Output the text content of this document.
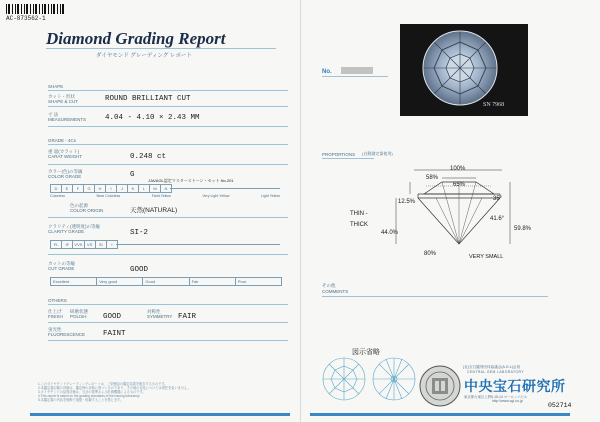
AC-873562-1
Diamond Grading Report
ダイヤモンド グレーディング レポート
SHAPE
カット・形状
SHAPE & CUT	ROUND BRILLIANT CUT
寸 法
MEASUREMENTS	4.04 - 4.10 × 2.43 MM
GRADE - 4Cs
重 量(カラット)
CARAT WEIGHT	0.248 ct
カラー(色)の等級
COLOR GRADE	G
JJA/AGL認定マスターストーン・セット No.201
D	E	F	G	H	I	J	K	L	M	N
Colorless	Near Colorless	Faint Yellow	Very Light Yellow	Light Yellow
色の起源
COLOR ORIGIN	天然(NATURAL)
クラリティ(透明度)の等級
CLARITY GRADE	SI-2
FL	IF	VVS	VS	SI	I
カットの等級
CUT GRADE	GOOD
Excellent	Very good	Good	Fair	Poor
OTHERS
仕上げ
FINISH
研磨状態
POLISH GOOD
対称性
SYMMETRY FAIR
蛍光性
FLUORESCENCE FAINT
1.このダイヤモンドグレーディングレポートは、ご依頼品の鑑定結果を報告するものです。
2.本鑑定書記載の評価は、鑑定時の状態に基づくものであり、その後の変化については責任を負いません。
3.ダイヤモンドの品質評価は、当社の基準および計測機器によるものです。
4.This report is based on the grading standards of the issuing laboratory.
5.本鑑定書の内容を無断で複製・転載することを禁じます。
SN 7968
No.
PROPORTIONS (自動測定器使用)
100%
58%
65%
35°
12.5%
41.6°
59.8%
44.0%
80%
THIN - THICK
VERY SMALL
その他
COMMENTS
図示省略
(社)宝石鑑別団体協議会(A.G.L)会員
CENTRAL GEM LABORATORY
中央宝石研究所
東京都台東区上野5-15-14 ヨーロッパビル
http://www.cgl.co.jp
052714
